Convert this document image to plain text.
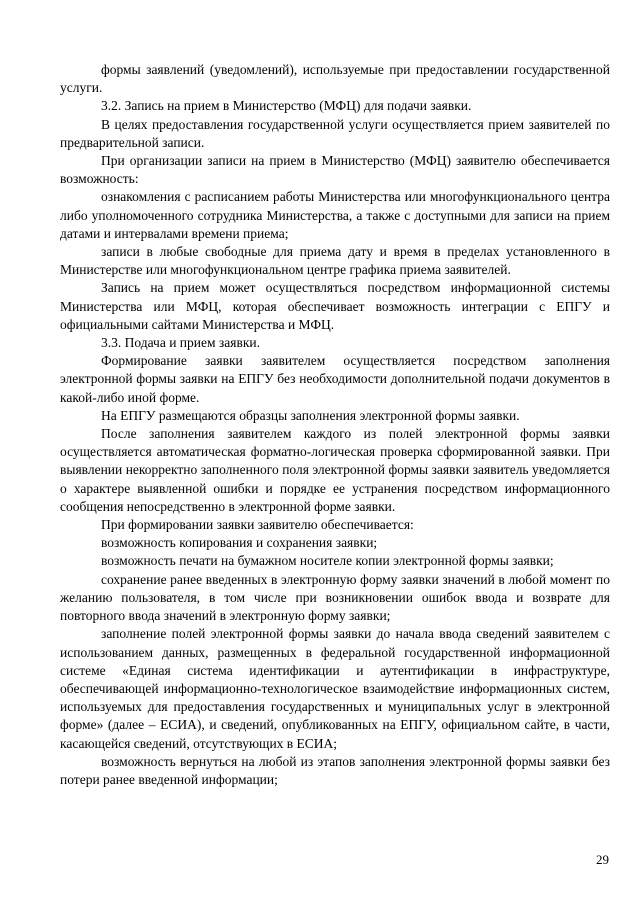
формы заявлений (уведомлений), используемые при предоставлении государственной услуги.

3.2. Запись на прием в Министерство (МФЦ) для подачи заявки.

В целях предоставления государственной услуги осуществляется прием заявителей по предварительной записи.

При организации записи на прием в Министерство (МФЦ) заявителю обеспечивается возможность:

ознакомления с расписанием работы Министерства или многофункционального центра либо уполномоченного сотрудника Министерства, а также с доступными для записи на прием датами и интервалами времени приема;

записи в любые свободные для приема дату и время в пределах установленного в Министерстве или многофункциональном центре графика приема заявителей.

Запись на прием может осуществляться посредством информационной системы Министерства или МФЦ, которая обеспечивает возможность интеграции с ЕПГУ и официальными сайтами Министерства и МФЦ.

3.3. Подача и прием заявки.

Формирование заявки заявителем осуществляется посредством заполнения электронной формы заявки на ЕПГУ без необходимости дополнительной подачи документов в какой-либо иной форме.

На ЕПГУ размещаются образцы заполнения электронной формы заявки.

После заполнения заявителем каждого из полей электронной формы заявки осуществляется автоматическая форматно-логическая проверка сформированной заявки. При выявлении некорректно заполненного поля электронной формы заявки заявитель уведомляется о характере выявленной ошибки и порядке ее устранения посредством информационного сообщения непосредственно в электронной форме заявки.

При формировании заявки заявителю обеспечивается:

возможность копирования и сохранения заявки;

возможность печати на бумажном носителе копии электронной формы заявки;

сохранение ранее введенных в электронную форму заявки значений в любой момент по желанию пользователя, в том числе при возникновении ошибок ввода и возврате для повторного ввода значений в электронную форму заявки;

заполнение полей электронной формы заявки до начала ввода сведений заявителем с использованием данных, размещенных в федеральной государственной информационной системе «Единая система идентификации и аутентификации в инфраструктуре, обеспечивающей информационно-технологическое взаимодействие информационных систем, используемых для предоставления государственных и муниципальных услуг в электронной форме» (далее – ЕСИА), и сведений, опубликованных на ЕПГУ, официальном сайте, в части, касающейся сведений, отсутствующих в ЕСИА;

возможность вернуться на любой из этапов заполнения электронной формы заявки без потери ранее введенной информации;

29
